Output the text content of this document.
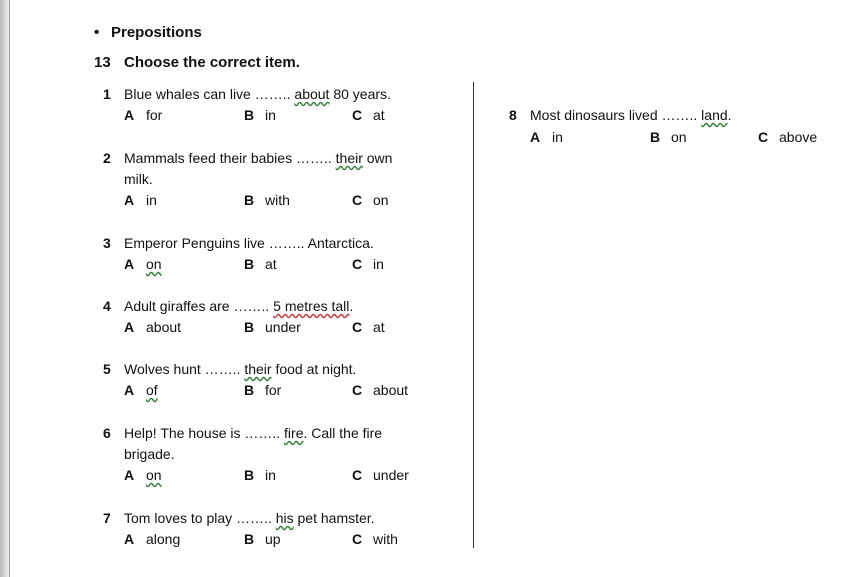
• Prepositions
13 Choose the correct item.
1 Blue whales can live …….. about 80 years.
A for	B in	C at
2 Mammals feed their babies …….. their own
milk.
A in	B with	C on
3 Emperor Penguins live …….. Antarctica.
A on	B at	C in
4 Adult giraffes are …….. 5 metres tall.
A about	B under	C at
5 Wolves hunt …….. their food at night.
A of	B for	C about
6 Help! The house is …….. fire. Call the fire
brigade.
A on	B in	C under
7 Tom loves to play …….. his pet hamster.
A along	B up	C with
8 Most dinosaurs lived …….. land.
A in	B on	C above
